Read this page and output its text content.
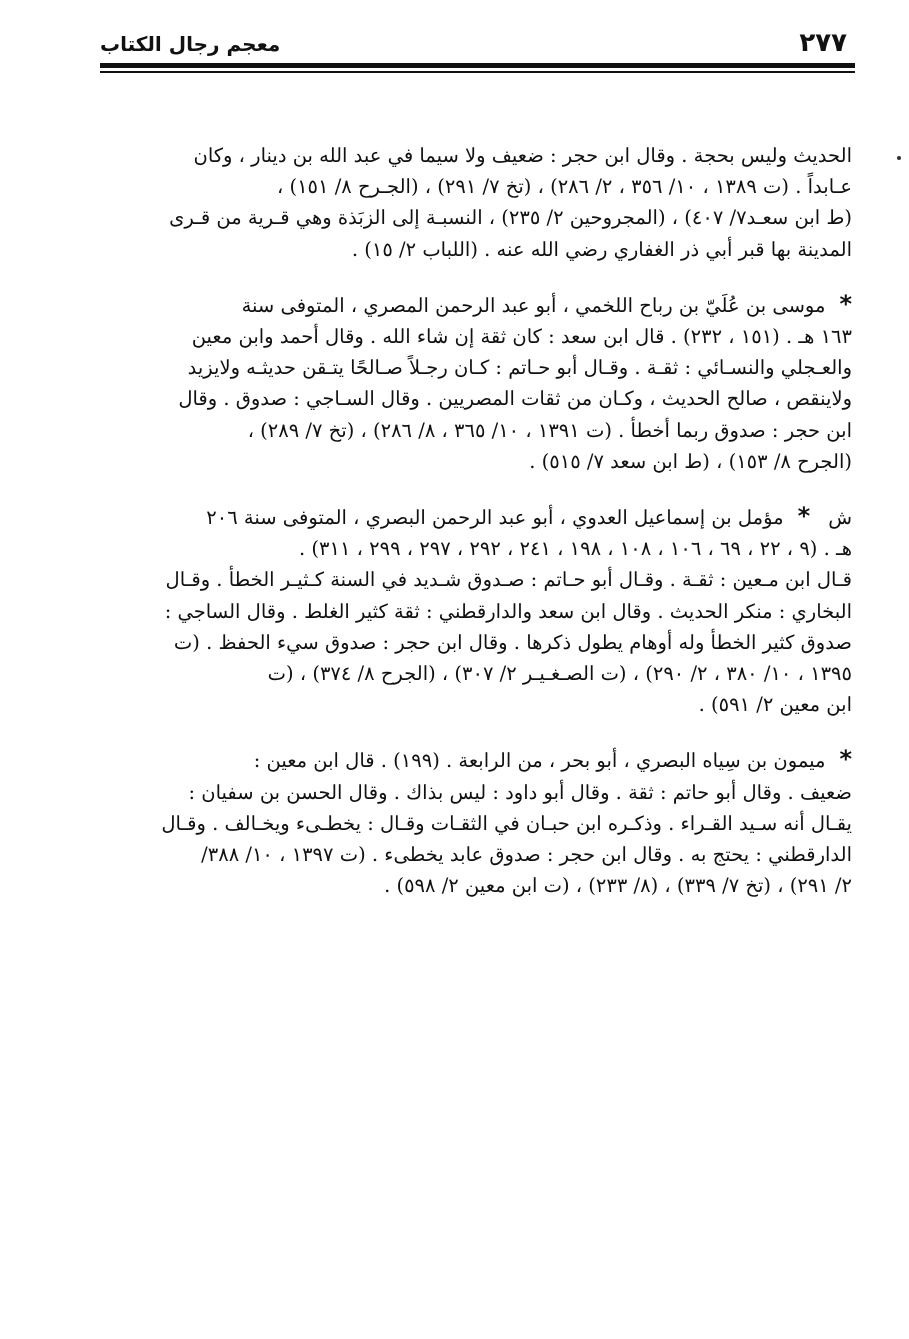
معجم رجال الكتاب	٢٧٧

الحديث وليس بحجة . وقال ابن حجر : ضعيف ولا سيما في عبد الله بن دينار ، وكان
عـابداً . (ت ١٣٨٩ ، ١٠/ ٣٥٦ ، ٢/ ٢٨٦) ، (تخ ٧/ ٢٩١) ، (الجـرح ٨/ ١٥١) ،
(ط ابن سعـد٧/ ٤٠٧) ، (المجروحين ٢/ ٢٣٥) ، النسبـة إلى الزبَذة وهي قـرية من قـرى
المدينة بها قبر أبي ذر الغفاري رضي الله عنه . (اللباب ٢/ ١٥) .

*موسى بن عُلَيّ بن رباح اللخمي ، أبو عبد الرحمن المصري ، المتوفى سنة
١٦٣ هـ . (١٥١ ، ٢٣٢) . قال ابن سعد : كان ثقة إن شاء الله . وقال أحمد وابن معين
والعـجلي والنسـائي : ثقـة . وقـال أبو حـاتم : كـان رجـلاً صـالحًا يتـقن حديثـه ولايزيد
ولاينقص ، صالح الحديث ، وكـان من ثقات المصريين . وقال السـاجي : صدوق . وقال
ابن حجر : صدوق ربما أخطأ . (ت ١٣٩١ ، ١٠/ ٣٦٥ ، ٨/ ٢٨٦) ، (تخ ٧/ ٢٨٩) ،
(الجرح ٨/ ١٥٣) ، (ط ابن سعد ٧/ ٥١٥) .

ش*مؤمل بن إسماعيل العدوي ، أبو عبد الرحمن البصري ، المتوفى سنة ٢٠٦
هـ . (٩ ، ٢٢ ، ٦٩ ، ١٠٦ ، ١٠٨ ، ١٩٨ ، ٢٤١ ، ٢٩٢ ، ٢٩٧ ، ٢٩٩ ، ٣١١) .
قـال ابن مـعين : ثقـة . وقـال أبو حـاتم : صـدوق شـديد في السنة كـثيـر الخطأ . وقـال
البخاري : منكر الحديث . وقال ابن سعد والدارقطني : ثقة كثير الغلط . وقال الساجي :
صدوق كثير الخطأ وله أوهام يطول ذكرها . وقال ابن حجر : صدوق سيء الحفظ . (ت
١٣٩٥ ، ١٠/ ٣٨٠ ، ٢/ ٢٩٠) ، (ت الصـغـيـر ٢/ ٣٠٧) ، (الجرح ٨/ ٣٧٤) ، (ت
ابن معين ٢/ ٥٩١) .

*ميمون بن سِياه البصري ، أبو بحر ، من الرابعة . (١٩٩) . قال ابن معين :
ضعيف . وقال أبو حاتم : ثقة . وقال أبو داود : ليس بذاك . وقال الحسن بن سفيان :
يقـال أنه سـيد القـراء . وذكـره ابن حبـان في الثقـات وقـال : يخطـىء ويخـالف . وقـال
الدارقطني : يحتج به . وقال ابن حجر : صدوق عابد يخطىء . (ت ١٣٩٧ ، ١٠/ ٣٨٨/
٢/ ٢٩١) ، (تخ ٧/ ٣٣٩) ، (٨/ ٢٣٣) ، (ت ابن معين ٢/ ٥٩٨) .
